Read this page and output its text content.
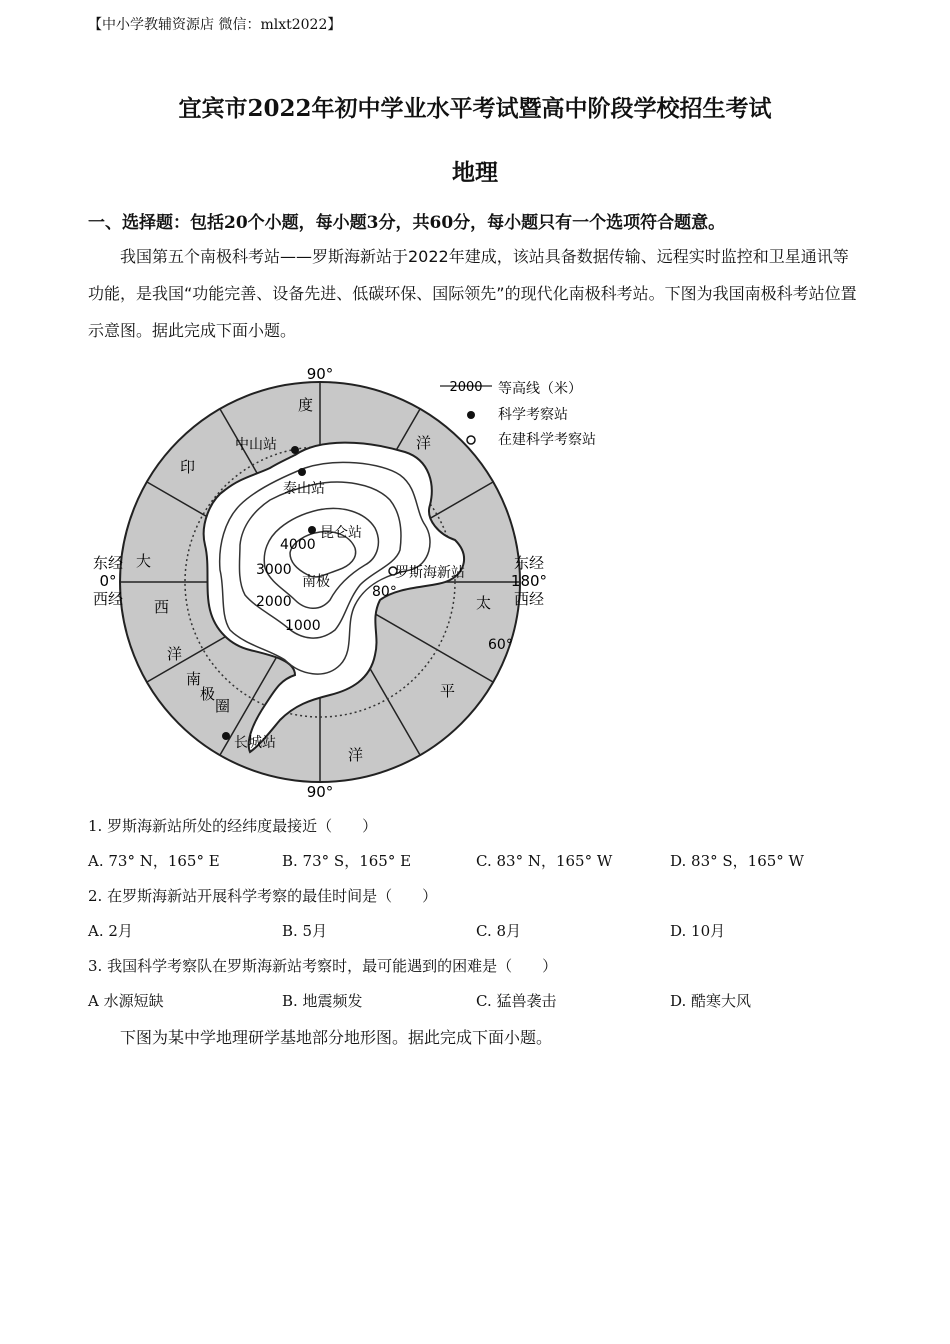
【中小学教辅资源店 微信：mlxt2022】
宜宾市2022年初中学业水平考试暨高中阶段学校招生考试
地理
一、选择题：包括20个小题，每小题3分，共60分，每小题只有一个选项符合题意。
我国第五个南极科考站——罗斯海新站于2022年建成，该站具备数据传输、远程实时监控和卫星通讯等功能，是我国“功能完善、设备先进、低碳环保、国际领先”的现代化南极科考站。下图为我国南极科考站位置示意图。据此完成下面小题。
90°
90°
东经
0°
西经
东经
180°
西经
度
印
洋
大
西
洋
太
平
洋
南
极
圈
80°
60°
南极
4000
3000
2000
1000
中山站
泰山站
昆仑站
罗斯海新站
长城站
2000 等高线（米）
科学考察站
在建科学考察站
1. 罗斯海新站所处的经纬度最接近（　　）
A. 73° N，165° E	B. 73° S，165° E	C. 83° N，165° W	D. 83° S，165° W
2. 在罗斯海新站开展科学考察的最佳时间是（　　）
A. 2月	B. 5月	C. 8月	D. 10月
3. 我国科学考察队在罗斯海新站考察时，最可能遇到的困难是（　　）
A 水源短缺	B. 地震频发	C. 猛兽袭击	D. 酷寒大风
下图为某中学地理研学基地部分地形图。据此完成下面小题。
